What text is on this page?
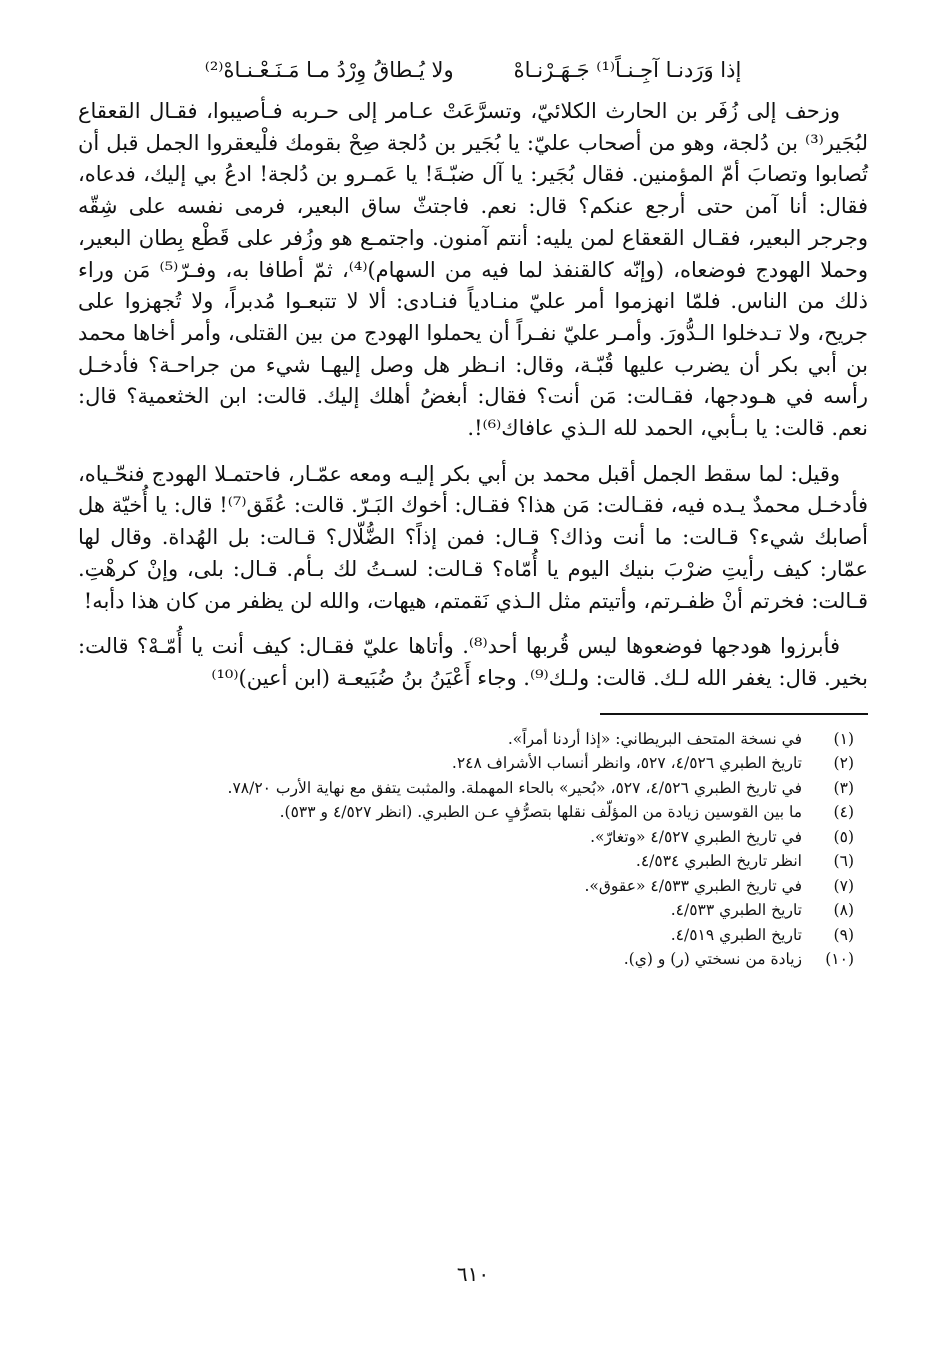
إذا وَرَدنـا آجِـنـاً⁽¹⁾ جَـهَـرْنـاهْ
ولا يُـطاقُ وِرْدُ مـا مَـنَـعْـنـاهْ⁽²⁾

وزحف إلى زُفَر بن الحارث الكلائيّ، وتسرَّعَتْ عـامر إلى حـربه فـأصيبوا، فقـال القعقاع لبُجَير⁽³⁾ بن دُلجة، وهو من أصحاب عليّ: يا بُجَير بن دُلجة صِحْ بقومك فلْيعقروا الجمل قبل أن تُصابوا وتصابَ أمّ المؤمنين. فقال بُجَير: يا آل ضبّـةَ! يا عَمـرو بن دُلجة! ادعُ بي إليك، فدعاه، فقال: أنا آمن حتى أرجع عنكم؟ قال: نعم. فاجتثّ ساق البعير، فرمى نفسه على شِقّه وجرجر البعير، فقـال القعقاع لمن يليه: أنتم آمنون. واجتمـع هو وزُفر على قَطْع بِطان البعير، وحملا الهودج فوضعاه، (وإنّه كالقنفذ لما فيه من السهام)⁽⁴⁾، ثمّ أطافا به، وفـرّ⁽⁵⁾ مَن وراء ذلك من الناس. فلمّا انهزموا أمر عليّ منـادياً فنـادى: ألا لا تتبعـوا مُدبراً، ولا تُجهزوا على جريح، ولا تـدخلوا الـدُّورَ. وأمـر عليّ نفـراً أن يحملوا الهودج من بين القتلى، وأمر أخاها محمد بن أبي بكر أن يضرب عليها قُبّـة، وقال: انـظر هل وصل إليهـا شيء من جراحـة؟ فأدخـل رأسه في هـودجها، فقـالت: مَن أنت؟ فقال: أبغضُ أهلك إليك. قالت: ابن الخثعمية؟ قال: نعم. قالت: يا بـأبي، الحمد لله الـذي عافاك⁽⁶⁾!.

وقيل: لما سقط الجمل أقبل محمد بن أبي بكر إليـه ومعه عمّـار، فاحتمـلا الهودج فنحّـياه، فأدخـل محمدٌ يـده فيه، فقـالت: مَن هذا؟ فقـال: أخوك البَـرّ. قالت: عُقَق⁽⁷⁾! قال: يا أُخيّة هل أصابك شيء؟ قـالت: ما أنت وذاك؟ قـال: فمن إذاً؟ الضُّلّال؟ قـالت: بل الهُداة. وقال لها عمّار: كيف رأيتِ ضرْبَ بنيك اليوم يا أُمّاه؟ قـالت: لسـتُ لك بـأم. قـال: بلى، وإنْ كرهْتِ. قـالت: فخرتم أنْ ظفـرتم، وأتيتم مثل الـذي نَقمتم، هيهات، والله لن يظفر من كان هذا دأبه!

فأبرزوا هودجها فوضعوها ليس قُربها أحد⁽⁸⁾. وأتاها عليّ فقـال: كيف أنت يا أُمّـهْ؟ قالت: بخير. قال: يغفر الله لـك. قالت: ولـك⁽⁹⁾. وجاء أَعْيَنُ بنُ ضُبَيعـة (ابن أعين)⁽¹⁰⁾

(١)
في نسخة المتحف البريطاني: «إذا أردنا أمراً».
(٢)
تاريخ الطبري ٤/٥٢٦، ٥٢٧، وانظر أنساب الأشراف ٢٤٨.
(٣)
في تاريخ الطبري ٤/٥٢٦، ٥٢٧، «بُحير» بالحاء المهملة. والمثبت يتفق مع نهاية الأرب ٧٨/٢٠.
(٤)
ما بين القوسين زيادة من المؤلّف نقلها بتصرُّفٍ عـن الطبري. (انظر ٤/٥٢٧ و ٥٣٣).
(٥)
في تاريخ الطبري ٤/٥٢٧ «وتغارّ».
(٦)
انظر تاريخ الطبري ٤/٥٣٤.
(٧)
في تاريخ الطبري ٤/٥٣٣ «عقوق».
(٨)
تاريخ الطبري ٤/٥٣٣.
(٩)
تاريخ الطبري ٤/٥١٩.
(١٠)
زيادة من نسختي (ر) و (ي).
٦١٠
